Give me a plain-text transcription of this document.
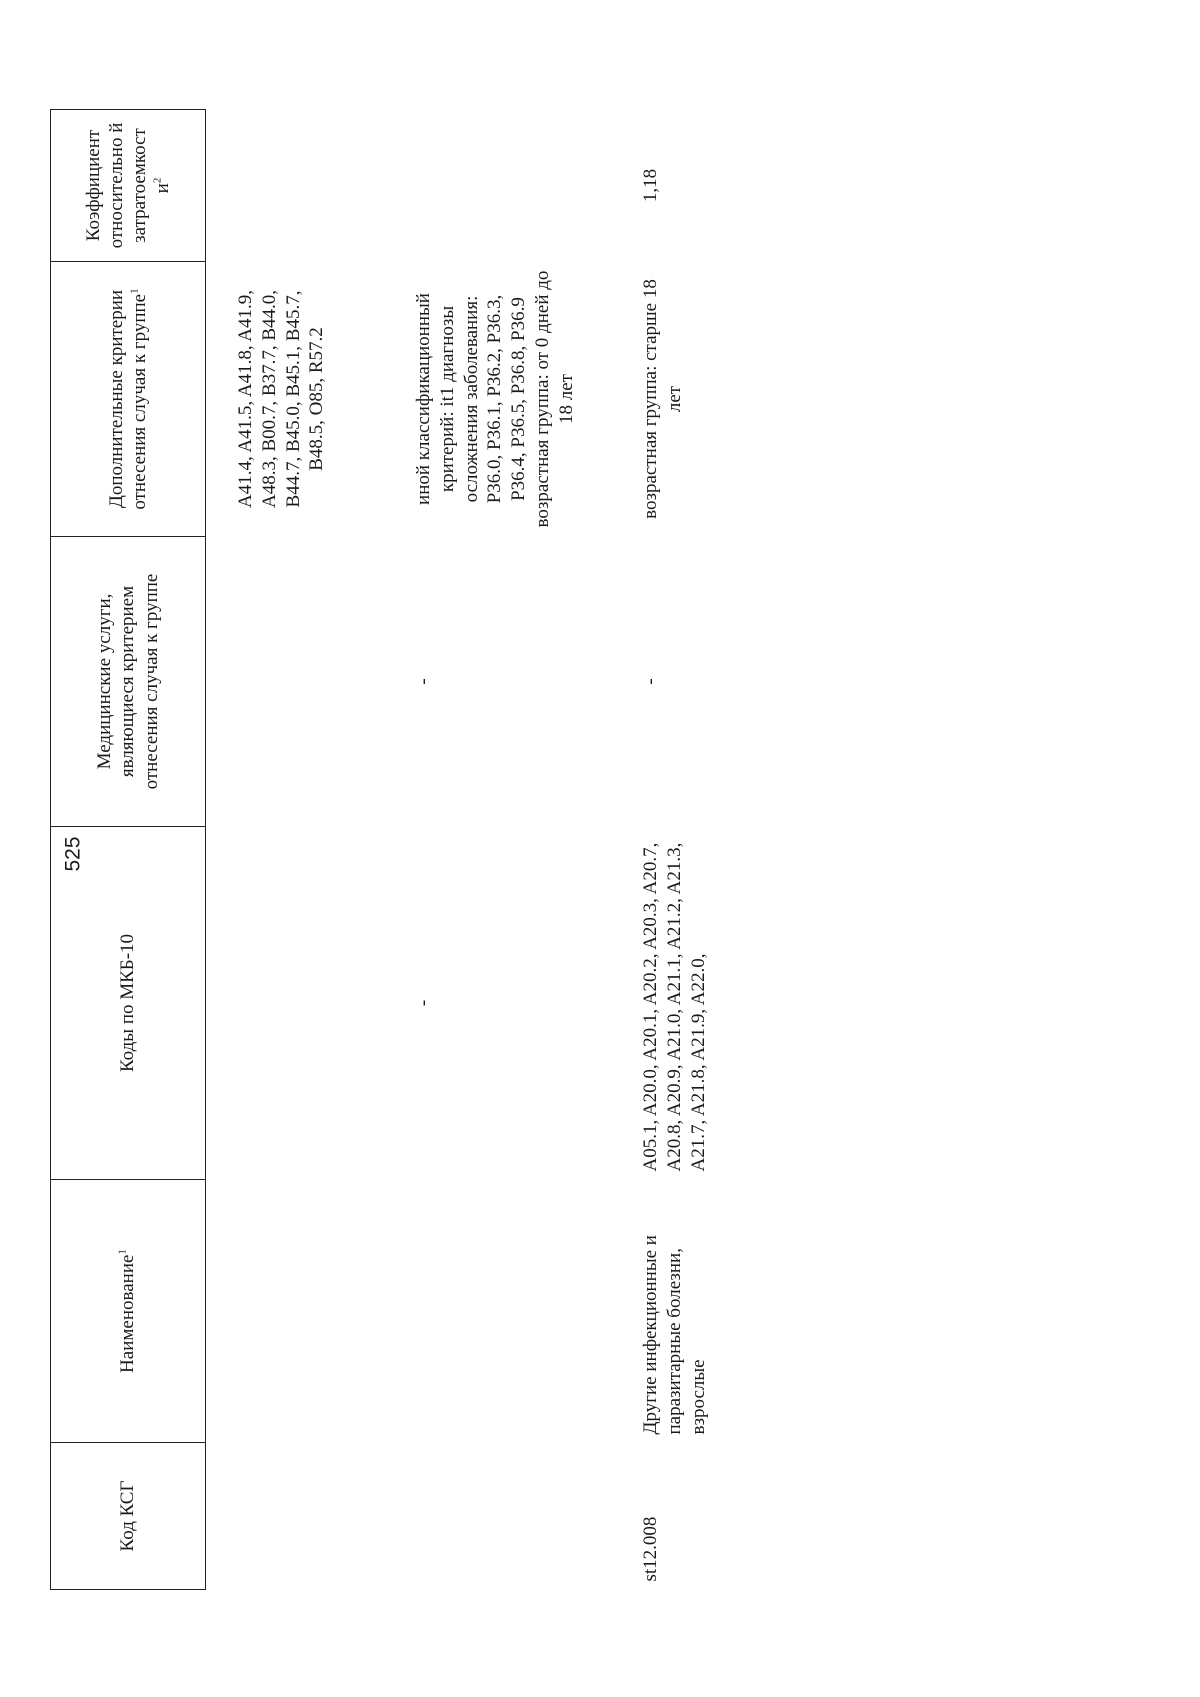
525
Код КСГ	Наименование$^1$	Коды по МКБ-10	Медицинские услуги, являющиеся критерием отнесения случая к группе	Дополнительные критерии отнесения случая к группе$^1$	Коэффициент относительно й затратоемкост $и^2$
				A41.4, A41.5, A41.8, A41.9, A48.3, B00.7, B37.7, B44.0, B44.7, B45.0, B45.1, B45.7, B48.5, O85, R57.2	
		-	-	иной классификационный критерий: it1 диагнозы осложнения заболевания: P36.0, P36.1, P36.2, P36.3, P36.4, P36.5, P36.8, P36.9 возрастная группа: от 0 дней до 18 лет	
st12.008	Другие инфекционные и паразитарные болезни, взрослые	A05.1, A20.0, A20.1, A20.2, A20.3, A20.7, A20.8, A20.9, A21.0, A21.1, A21.2, A21.3, A21.7, A21.8, A21.9, A22.0,	-	возрастная группа: старше 18 лет	1,18
